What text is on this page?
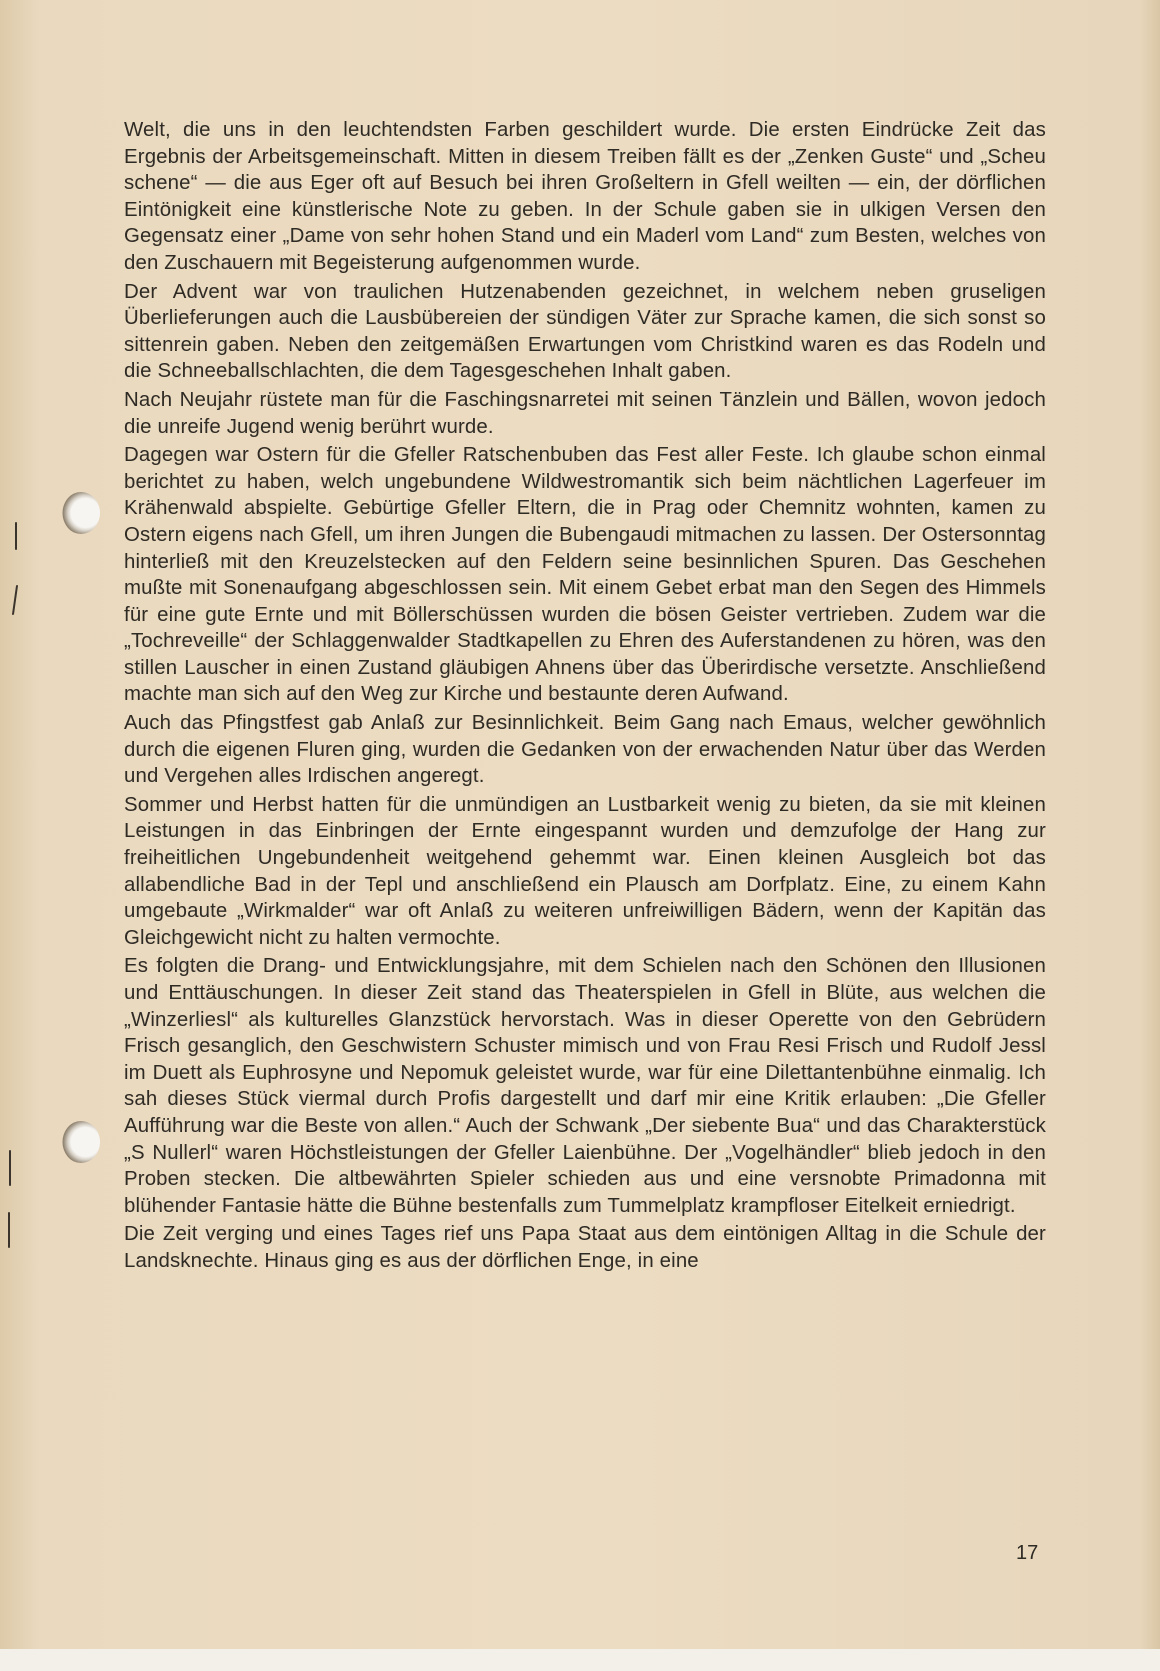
Welt, die uns in den leuchtendsten Farben geschildert wurde. Die ersten Eindrücke Zeit das Ergebnis der Arbeitsgemeinschaft. Mitten in diesem Treiben fällt es der „Zenken Guste“ und „Scheu schene“ — die aus Eger oft auf Besuch bei ihren Großeltern in Gfell weilten — ein, der dörflichen Eintönigkeit eine künstlerische Note zu geben. In der Schule gaben sie in ulkigen Versen den Gegensatz einer „Dame von sehr hohen Stand und ein Maderl vom Land“ zum Besten, welches von den Zuschauern mit Begeisterung aufgenommen wurde.

Der Advent war von traulichen Hutzenabenden gezeichnet, in welchem neben gruseligen Überlieferungen auch die Lausbübereien der sündigen Väter zur Sprache kamen, die sich sonst so sittenrein gaben. Neben den zeitgemäßen Erwartungen vom Christkind waren es das Rodeln und die Schneeballschlachten, die dem Tagesgeschehen Inhalt gaben.

Nach Neujahr rüstete man für die Faschingsnarretei mit seinen Tänzlein und Bällen, wovon jedoch die unreife Jugend wenig berührt wurde.

Dagegen war Ostern für die Gfeller Ratschenbuben das Fest aller Feste. Ich glaube schon einmal berichtet zu haben, welch ungebundene Wildwestromantik sich beim nächtlichen Lagerfeuer im Krähenwald abspielte. Gebürtige Gfeller Eltern, die in Prag oder Chemnitz wohnten, kamen zu Ostern eigens nach Gfell, um ihren Jungen die Bubengaudi mitmachen zu lassen. Der Ostersonntag hinterließ mit den Kreuzelstecken auf den Feldern seine besinnlichen Spuren. Das Geschehen mußte mit Sonenaufgang abgeschlossen sein. Mit einem Gebet erbat man den Segen des Himmels für eine gute Ernte und mit Böllerschüssen wurden die bösen Geister vertrieben. Zudem war die „Tochreveille“ der Schlaggenwalder Stadtkapellen zu Ehren des Auferstandenen zu hören, was den stillen Lauscher in einen Zustand gläubigen Ahnens über das Überirdische versetzte. Anschließend machte man sich auf den Weg zur Kirche und bestaunte deren Aufwand.

Auch das Pfingstfest gab Anlaß zur Besinnlichkeit. Beim Gang nach Emaus, welcher gewöhnlich durch die eigenen Fluren ging, wurden die Gedanken von der erwachenden Natur über das Werden und Vergehen alles Irdischen angeregt.

Sommer und Herbst hatten für die unmündigen an Lustbarkeit wenig zu bieten, da sie mit kleinen Leistungen in das Einbringen der Ernte eingespannt wurden und demzufolge der Hang zur freiheitlichen Ungebundenheit weitgehend gehemmt war. Einen kleinen Ausgleich bot das allabendliche Bad in der Tepl und anschließend ein Plausch am Dorfplatz. Eine, zu einem Kahn umgebaute „Wirkmalder“ war oft Anlaß zu weiteren unfreiwilligen Bädern, wenn der Kapitän das Gleichgewicht nicht zu halten vermochte.

Es folgten die Drang- und Entwicklungsjahre, mit dem Schielen nach den Schönen den Illusionen und Enttäuschungen. In dieser Zeit stand das Theaterspielen in Gfell in Blüte, aus welchen die „Winzerliesl“ als kulturelles Glanzstück hervorstach. Was in dieser Operette von den Gebrüdern Frisch gesanglich, den Geschwistern Schuster mimisch und von Frau Resi Frisch und Rudolf Jessl im Duett als Euphrosyne und Nepomuk geleistet wurde, war für eine Dilettantenbühne einmalig. Ich sah dieses Stück viermal durch Profis dargestellt und darf mir eine Kritik erlauben: „Die Gfeller Aufführung war die Beste von allen.“ Auch der Schwank „Der siebente Bua“ und das Charakterstück „S Nullerl“ waren Höchstleistungen der Gfeller Laienbühne. Der „Vogelhändler“ blieb jedoch in den Proben stecken. Die altbewährten Spieler schieden aus und eine versnobte Primadonna mit blühender Fantasie hätte die Bühne bestenfalls zum Tummelplatz krampfloser Eitelkeit erniedrigt.

Die Zeit verging und eines Tages rief uns Papa Staat aus dem eintönigen Alltag in die Schule der Landsknechte. Hinaus ging es aus der dörflichen Enge, in eine

17
